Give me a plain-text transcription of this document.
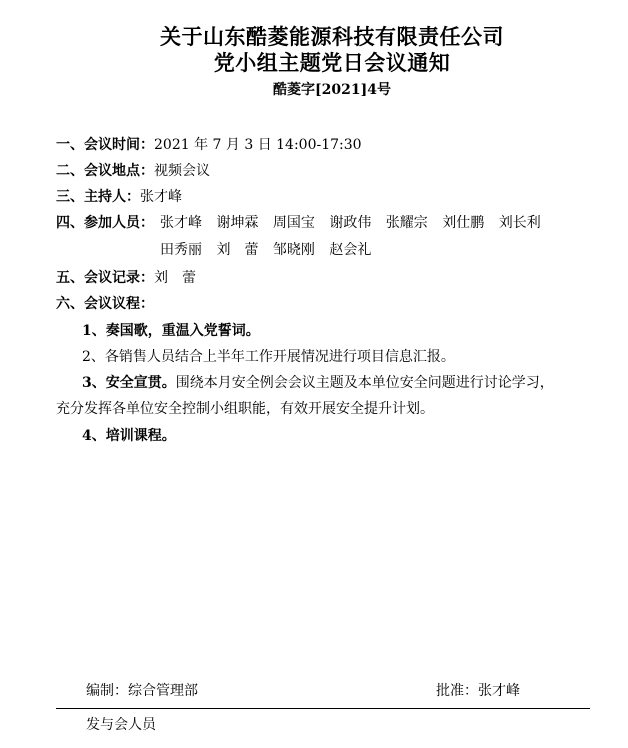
关于山东酷菱能源科技有限责任公司
党小组主题党日会议通知
酷菱字[2021]4号
一、会议时间：2021 年 7 月 3 日 14:00-17:30
二、会议地点：视频会议
三、主持人：张才峰
四、参加人员： 张才峰 谢坤霖 周国宝 谢政伟 张耀宗 刘仕鹏 刘长利
田秀丽 刘　蕾 邹晓刚 赵会礼
五、会议记录：刘　蕾
六、会议议程：
1、奏国歌，重温入党誓词。
2、各销售人员结合上半年工作开展情况进行项目信息汇报。
3、安全宣贯。围绕本月安全例会会议主题及本单位安全问题进行讨论学习，
充分发挥各单位安全控制小组职能，有效开展安全提升计划。
4、培训课程。
编制：综合管理部	批准：张才峰
发与会人员
